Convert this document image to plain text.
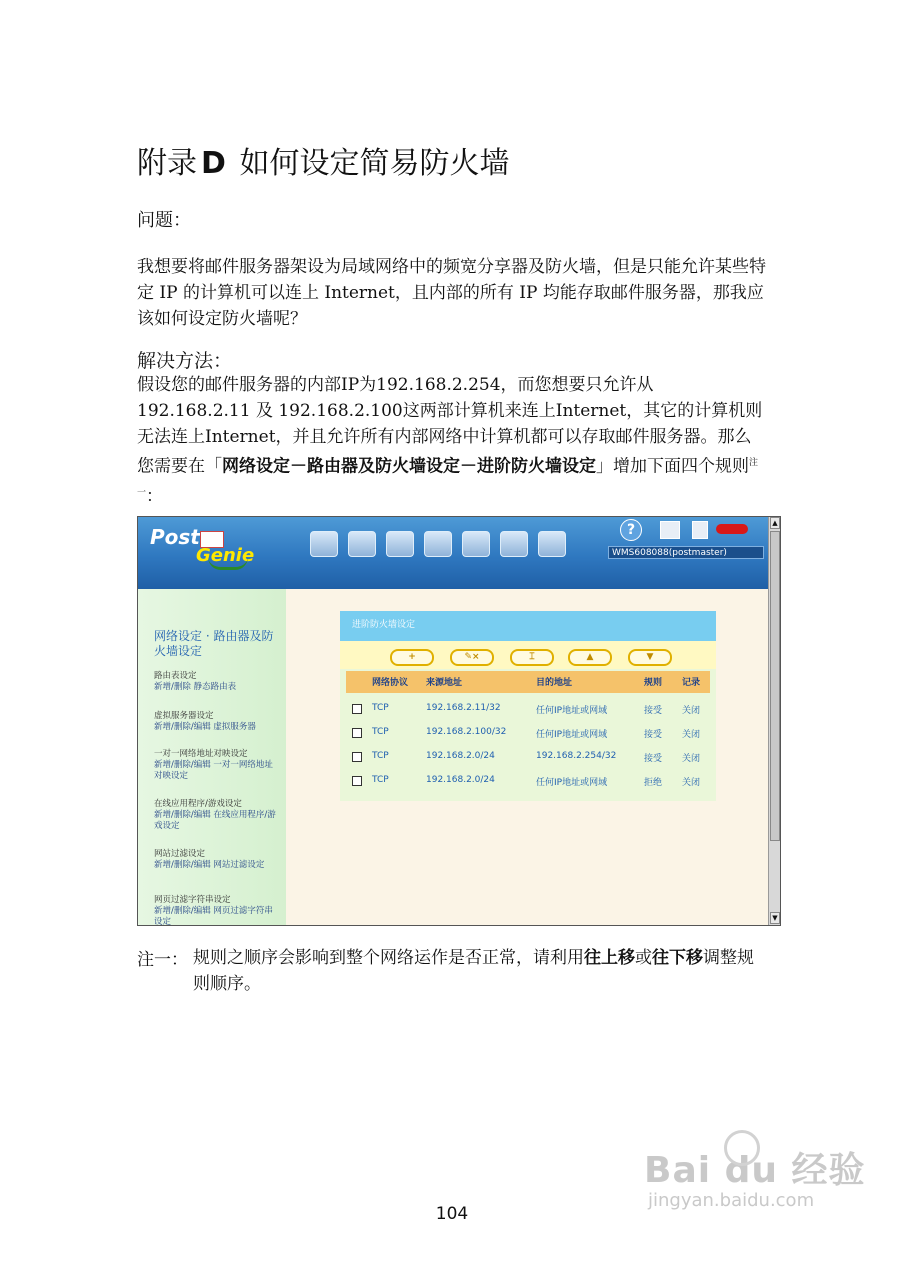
附录 D 如何设定简易防火墙
问题：
我想要将邮件服务器架设为局域网络中的频宽分享器及防火墙，但是只能允许某些特定 IP 的计算机可以连上 Internet，且内部的所有 IP 均能存取邮件服务器，那我应该如何设定防火墙呢？
解决方法：
假设您的邮件服务器的内部IP为192.168.2.254，而您想要只允许从192.168.2.11 及 192.168.2.100这两部计算机来连上Internet，其它的计算机则无法连上Internet，并且允许所有内部网络中计算机都可以存取邮件服务器。那么您需要在「网络设定－路由器及防火墙设定－进阶防火墙设定」增加下面四个规则$^{注一}$：
Post
Genie
?
WMS608088(postmaster)
网络设定 · 路由器及防火墙设定
路由表设定
新增/删除 静态路由表
虚拟服务器设定
新增/删除/编辑 虚拟服务器
一对一网络地址对映设定
新增/删除/编辑 一对一网络地址对映设定
在线应用程序/游戏设定
新增/删除/编辑 在线应用程序/游戏设定
网站过滤设定
新增/删除/编辑 网站过滤设定
网页过滤字符串设定
新增/删除/编辑 网页过滤字符串设定
进阶防火墙设定
+	✎×	⌶	▲	▼
网络协议 来源地址	目的地址	规则 记录
TCP	192.168.2.11/32	任何IP地址或网域	接受 关闭
TCP	192.168.2.100/32	任何IP地址或网域	接受 关闭
TCP	192.168.2.0/24	192.168.2.254/32	接受 关闭
TCP	192.168.2.0/24	任何IP地址或网域	拒绝 关闭
▲
▼
注一： 规则之顺序会影响到整个网络运作是否正常，请利用往上移或往下移调整规则顺序。
104
Bai du 经验
jingyan.baidu.com
